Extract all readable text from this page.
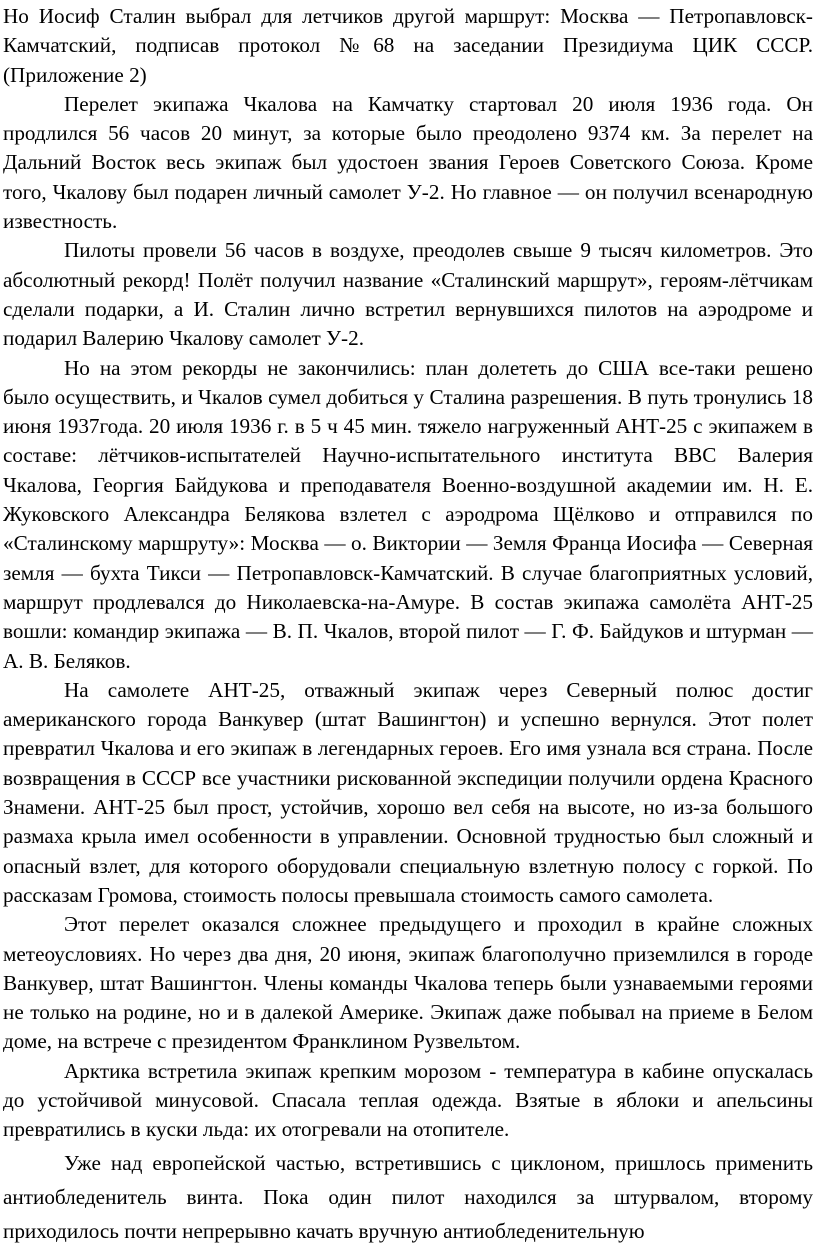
Но Иосиф Сталин выбрал для летчиков другой маршрут: Москва — Петропавловск-Камчатский, подписав протокол №68 на заседании Президиума ЦИК СССР. (Приложение 2)

Перелет экипажа Чкалова на Камчатку стартовал 20 июля 1936 года. Он продлился 56 часов 20 минут, за которые было преодолено 9374 км. За перелет на Дальний Восток весь экипаж был удостоен звания Героев Советского Союза. Кроме того, Чкалову был подарен личный самолет У-2. Но главное — он получил всенародную известность.

Пилоты провели 56 часов в воздухе, преодолев свыше 9 тысяч километров. Это абсолютный рекорд! Полёт получил название «Сталинский маршрут», героям-лётчикам сделали подарки, а И. Сталин лично встретил вернувшихся пилотов на аэродроме и подарил Валерию Чкалову самолет У-2.

Но на этом рекорды не закончились: план долететь до США все-таки решено было осуществить, и Чкалов сумел добиться у Сталина разрешения. В путь тронулись 18 июня 1937года. 20 июля 1936 г. в 5 ч 45 мин. тяжело нагруженный АНТ-25 с экипажем в составе: лётчиков-испытателей Научно-испытательного института ВВС Валерия Чкалова, Георгия Байдукова и преподавателя Военно-воздушной академии им. Н. Е. Жуковского Александра Белякова взлетел с аэродрома Щёлково и отправился по «Сталинскому маршруту»: Москва — о. Виктории — Земля Франца Иосифа — Северная земля — бухта Тикси — Петропавловск-Камчатский. В случае благоприятных условий, маршрут продлевался до Николаевска-на-Амуре. В состав экипажа самолёта АНТ-25 вошли: командир экипажа — В. П. Чкалов, второй пилот — Г. Ф. Байдуков и штурман — А. В. Беляков.

На самолете АНТ-25, отважный экипаж через Северный полюс достиг американского города Ванкувер (штат Вашингтон) и успешно вернулся. Этот полет превратил Чкалова и его экипаж в легендарных героев. Его имя узнала вся страна. После возвращения в СССР все участники рискованной экспедиции получили ордена Красного Знамени. АНТ-25 был прост, устойчив, хорошо вел себя на высоте, но из-за большого размаха крыла имел особенности в управлении. Основной трудностью был сложный и опасный взлет, для которого оборудовали специальную взлетную полосу с горкой. По рассказам Громова, стоимость полосы превышала стоимость самого самолета.

Этот перелет оказался сложнее предыдущего и проходил в крайне сложных метеоусловиях. Но через два дня, 20 июня, экипаж благополучно приземлился в городе Ванкувер, штат Вашингтон. Члены команды Чкалова теперь были узнаваемыми героями не только на родине, но и в далекой Америке. Экипаж даже побывал на приеме в Белом доме, на встрече с президентом Франклином Рузвельтом.

Арктика встретила экипаж крепким морозом - температура в кабине опускалась до устойчивой минусовой. Спасала теплая одежда. Взятые в яблоки и апельсины превратились в куски льда: их отогревали на отопителе.

Уже над европейской частью, встретившись с циклоном, пришлось применить антиобледенитель винта. Пока один пилот находился за штурвалом, второму приходилось почти непрерывно качать вручную антиобледенительную
